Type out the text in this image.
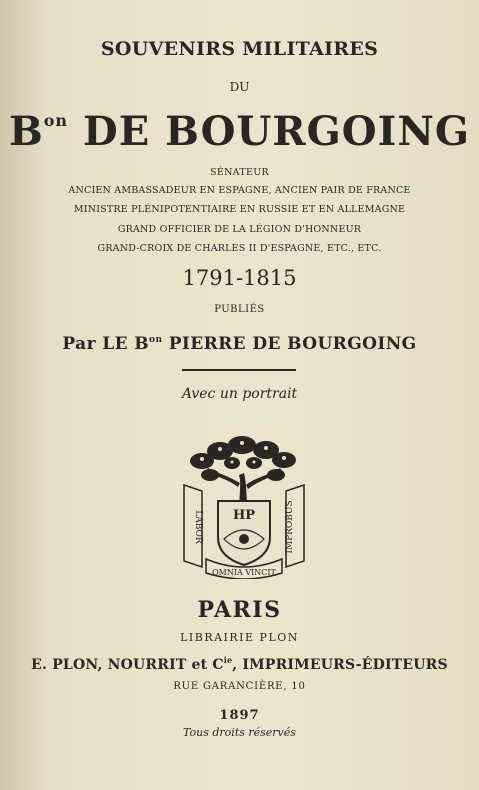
SOUVENIRS MILITAIRES
DU
$B^{on}$ DE BOURGOING
SÉNATEUR
ANCIEN AMBASSADEUR EN ESPAGNE, ANCIEN PAIR DE FRANCE
MINISTRE PLÉNIPOTENTIAIRE EN RUSSIE ET EN ALLEMAGNE
GRAND OFFICIER DE LA LÉGION D'HONNEUR
GRAND-CROIX DE CHARLES II D'ESPAGNE, ETC., ETC.
1791-1815
PUBLIÉS
Par LE $B^{on}$ PIERRE DE BOURGOING
Avec un portrait
HP
LABOR	IMPROBUS
OMNIA VINCIT
PARIS
LIBRAIRIE PLON
E. PLON, NOURRIT et $C^{ie}$, IMPRIMEURS-ÉDITEURS
RUE GARANCIÈRE, 10
1897
Tous droits réservés
